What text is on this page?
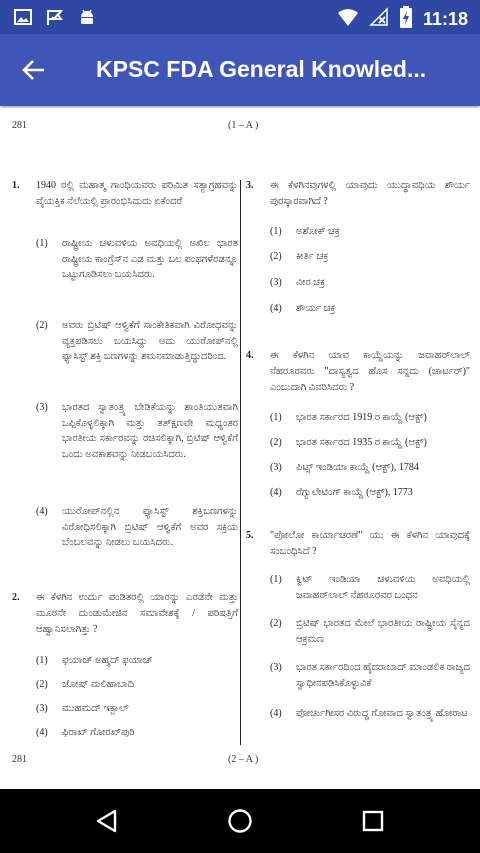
11:18
KPSC FDA General Knowled...
281	(1 – A )
1. 1940 ರಲ್ಲಿ ಮಹಾತ್ಮ ಗಾಂಧಿಯವರು ಪರಿಮಿತ ಸತ್ಯಾಗ್ರಹವನ್ನು ವೈಯಕ್ತಿಕ ನೆಲೆಯಲ್ಲಿ ಪ್ರಾರಂಭಿಸಿದುದು ಏಕೆಂದರೆ
(1) ರಾಷ್ಟ್ರೀಯ ಚಳುವಳಿಯ ಅವಧಿಯಲ್ಲಿ ಅಖಿಲ ಭಾರತ ರಾಷ್ಟ್ರೀಯ ಕಾಂಗ್ರೆಸ್‌ನ ಎಡ ಮತ್ತು ಬಲ ಪಂಥಗಳೆರಡನ್ನೂ ಒಟ್ಟುಗೂಡಿಸಲು ಬಯಸಿದರು.
(2) ಅವರು ಬ್ರಿಟಿಷ್ ಆಳ್ವಿಕೆಗೆ ಸಾಂಕೇತಿಕವಾಗಿ ವಿರೋಧವನ್ನು ವ್ಯಕ್ತಪಡಿಸಲು ಬಯಸಿದ್ದು ಅದು ಯುರೋಪ್‌ನಲ್ಲಿ ಫ್ಯಾಸಿಸ್ಟ್ ಶಕ್ತಿ ಬಣಗಳನ್ನು ಶಮನಮಾಡುತ್ತಿದ್ದುದರಿಂದ.
(3) ಭಾರತದ ಸ್ವಾತಂತ್ರ್ಯ ಬೇಡಿಕೆಯನ್ನು ಶಾಂತಿಯುತವಾಗಿ ಒಪ್ಪಿಕೊಳ್ಳಲಿಕ್ಕಾಗಿ ಮತ್ತು ತತ್‌ಕ್ಷಣವೇ ಮಧ್ಯಂತರ ಭಾರತೀಯ ಸರ್ಕಾರವನ್ನು ರಚಿಸಲಿಕ್ಕಾಗಿ, ಬ್ರಿಟಿಷ್ ಆಳ್ವಿಕೆಗೆ ಒಂದು ಅವಕಾಶವನ್ನು ನೀಡಬಯಸಿದರು.
(4) ಯುರೋಪ್‌ನಲ್ಲಿನ ಫ್ಯಾಸಿಸ್ಟ್ ಶಕ್ತಿಬಣಗಳನ್ನು ವಿರೋಧಿಸಲಿಕ್ಕಾಗಿ ಬ್ರಿಟಿಷ್ ಆಳ್ವಿಕೆಗೆ ಅವರ ಸಕ್ರಿಯ ಬೆಂಬಲವನ್ನು ನೀಡಲು ಬಯಸಿದರು.
2. ಈ ಕೆಳಗಿನ ಉರ್ದು ಪಂಡಿತರಲ್ಲಿ ಯಾರನ್ನು ಎರಡನೇ ಮತ್ತು ಮೂರನೇ ದುಂಡುಮೇಜಿನ ಸಮಾವೇಶಕ್ಕೆ / ಪರಿಷತ್ತಿಗೆ ಆಹ್ವಾನಿಸಲಾಗಿತ್ತು ?
(1) ಫಯಾಜ್ ಅಹ್ಮದ್ ಫಯಾಜ್
(2) ಜೋಷ್ ಮಲಿಹಾಬಾದಿ
(3) ಮುಹಮದ್ ಇಕ್ಬಾಲ್
(4) ಫಿರಾಖ್ ಗೋರಖ್‌ಪುರಿ
3. ಈ ಕೆಳಗಿನವುಗಳಲ್ಲಿ ಯಾವುದು ಯುದ್ಧಾವಧಿಯ ಶೌರ್ಯ ಪುರಸ್ಕಾರವಾಗಿದೆ ?
(1) ಅಶೋಕ್ ಚಕ್ರ
(2) ಕೀರ್ತಿ ಚಕ್ರ
(3) ವೀರ ಚಕ್ರ
(4) ಶೌರ್ಯ ಚಕ್ರ
4. ಈ ಕೆಳಗಿನ ಯಾವ ಕಾಯ್ದೆಯನ್ನು ಜವಾಹರ್‌ಲಾಲ್ ನೆಹರೂರವರು "ದಾಸ್ಯತ್ವದ ಹೊಸ ಸನ್ನದು (ಚಾರ್ಟರ್)" ಎಂಬುದಾಗಿ ವಿವರಿಸಿದರು ?
(1) ಭಾರತ ಸರ್ಕಾರದ 1919 ರ ಕಾಯ್ದೆ (ಆಕ್ಟ್)
(2) ಭಾರತ ಸರ್ಕಾರದ 1935 ರ ಕಾಯ್ದೆ (ಆಕ್ಟ್)
(3) ಪಿಟ್ಸ್ ಇಂಡಿಯಾ ಕಾಯ್ದೆ (ಆಕ್ಟ್), 1784
(4) ರೆಗ್ಯುಲೇಟಿಂಗ್ ಕಾಯ್ದೆ (ಆಕ್ಟ್), 1773
5. "ಪೋಲೋ ಕಾರ್ಯಾಚರಣೆ" ಯು ಈ ಕೆಳಗಿನ ಯಾವುದಕ್ಕೆ ಸಂಬಂಧಿಸಿದೆ ?
(1) ಕ್ವಿಟ್ ಇಂಡಿಯಾ ಚಳುವಳಿಯ ಅವಧಿಯಲ್ಲಿ ಜವಾಹರ್‌ಲಾಲ್ ನೆಹರೂರವರ ಬಂಧನ
(2) ಬ್ರಿಟಿಷ್ ಭಾರತದ ಮೇಲೆ ಭಾರತೀಯ ರಾಷ್ಟ್ರೀಯ ಸೈನ್ಯದ ಆಕ್ರಮಣ
(3) ಭಾರತ ಸರ್ಕಾರದಿಂದ ಹೈದರಾಬಾದ್ ಮಾಂಡಲಿಕ ರಾಜ್ಯದ ಸ್ವಾಧೀನಪಡಿಸಿಕೊಳ್ಳುವಿಕೆ
(4) ಪೋರ್ಚುಗೀಸರ ವಿರುದ್ಧ ಗೋವಾದ ಸ್ವಾತಂತ್ರ್ಯ ಹೋರಾಟ
281	(2 – A )
